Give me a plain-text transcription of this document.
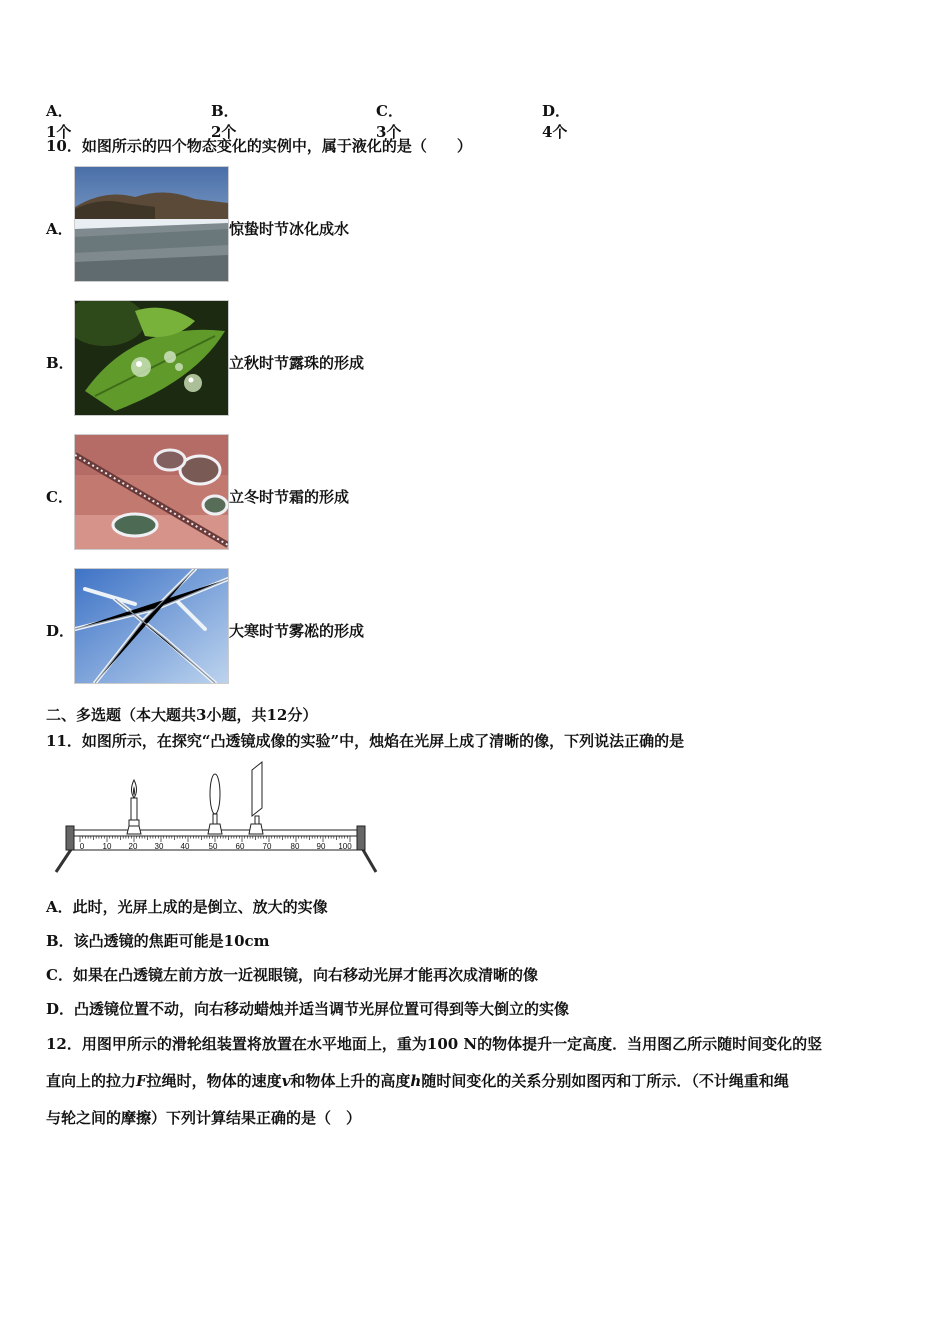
A．1个
B．2个
C．3个
D．4个
10．如图所示的四个物态变化的实例中，属于液化的是（　　）
A．	惊蛰时节冰化成水
B．	立秋时节露珠的形成
C．	立冬时节霜的形成
D．	大寒时节雾凇的形成
二、多选题（本大题共3小题，共12分）
11．如图所示，在探究“凸透镜成像的实验”中，烛焰在光屏上成了清晰的像，下列说法正确的是
0 10 20 30 40 50 60 70 80 90 100
A．此时，光屏上成的是倒立、放大的实像
B．该凸透镜的焦距可能是10cm
C．如果在凸透镜左前方放一近视眼镜，向右移动光屏才能再次成清晰的像
D．凸透镜位置不动，向右移动蜡烛并适当调节光屏位置可得到等大倒立的实像
12．用图甲所示的滑轮组装置将放置在水平地面上，重为100 N的物体提升一定高度．当用图乙所示随时间变化的竖
直向上的拉力F拉绳时，物体的速度v和物体上升的高度h随时间变化的关系分别如图丙和丁所示．（不计绳重和绳
与轮之间的摩擦）下列计算结果正确的是（　）
